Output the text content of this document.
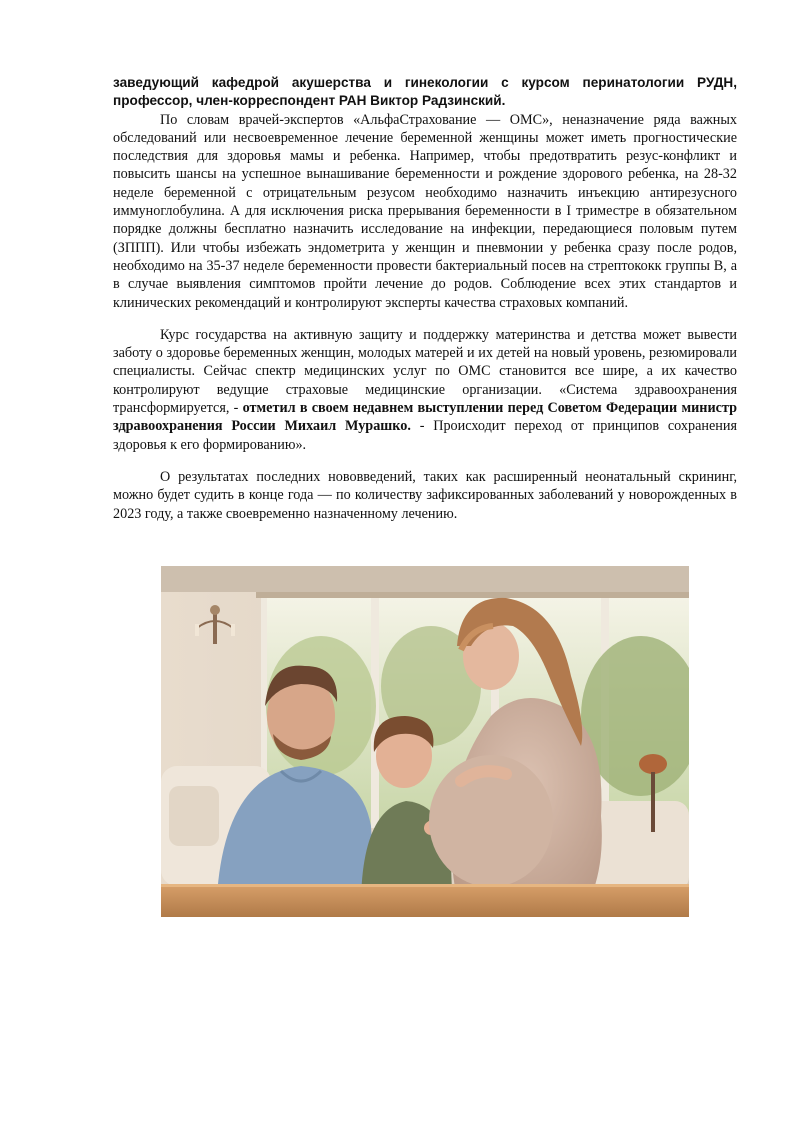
заведующий кафедрой акушерства и гинекологии с курсом перинатологии РУДН, профессор, член-корреспондент РАН Виктор Радзинский.

По словам врачей-экспертов «АльфаСтрахование — ОМС», неназначение ряда важных обследований или несвоевременное лечение беременной женщины может иметь прогностические последствия для здоровья мамы и ребенка. Например, чтобы предотвратить резус-конфликт и повысить шансы на успешное вынашивание беременности и рождение здорового ребенка, на 28-32 неделе беременной с отрицательным резусом необходимо назначить инъекцию антирезусного иммуноглобулина. А для исключения риска прерывания беременности в I триместре в обязательном порядке должны бесплатно назначить исследование на инфекции, передающиеся половым путем (ЗППП). Или чтобы избежать эндометрита у женщин и пневмонии у ребенка сразу после родов, необходимо на 35-37 неделе беременности провести бактериальный посев на стрептококк группы В, а в случае выявления симптомов пройти лечение до родов. Соблюдение всех этих стандартов и клинических рекомендаций и контролируют эксперты качества страховых компаний.

Курс государства на активную защиту и поддержку материнства и детства может вывести заботу о здоровье беременных женщин, молодых матерей и их детей на новый уровень, резюмировали специалисты. Сейчас спектр медицинских услуг по ОМС становится все шире, а их качество контролируют ведущие страховые медицинские организации. «Система здравоохранения трансформируется, - отметил в своем недавнем выступлении перед Советом Федерации министр здравоохранения России Михаил Мурашко. - Происходит переход от принципов сохранения здоровья к его формированию».

О результатах последних нововведений, таких как расширенный неонатальный скрининг, можно будет судить в конце года — по количеству зафиксированных заболеваний у новорожденных в 2023 году, а также своевременно назначенному лечению.
